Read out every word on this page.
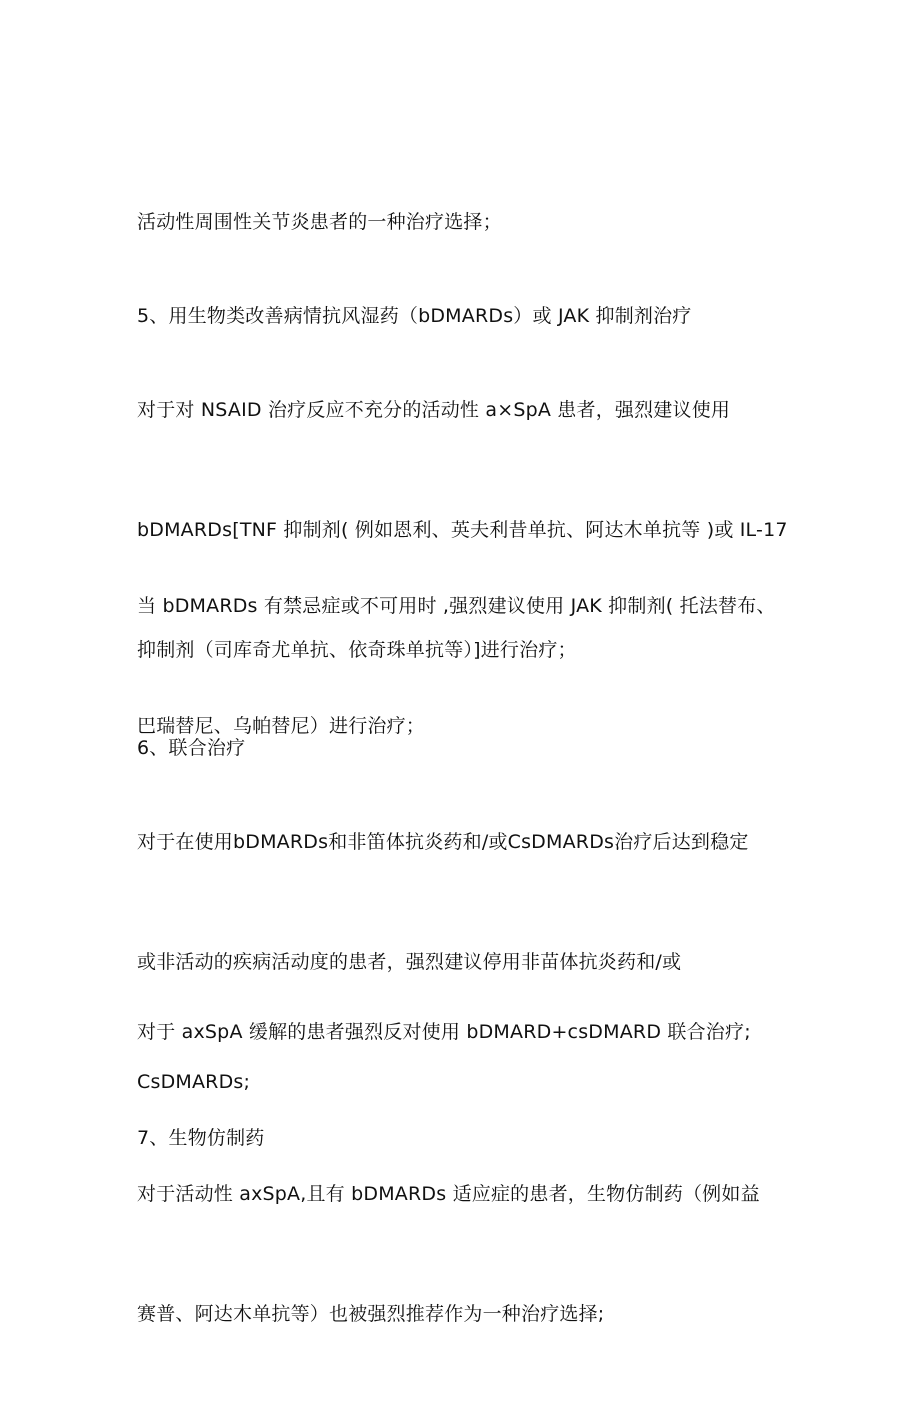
活动性周围性关节炎患者的一种治疗选择；

5、用生物类改善病情抗风湿药（bDMARDs）或 JAK 抑制剂治疗

对于对 NSAID 治疗反应不充分的活动性 a×SpA 患者，强烈建议使用

bDMARDs[TNF 抑制剂( 例如恩利、英夫利昔单抗、阿达木单抗等 )或 IL-17

抑制剂（司库奇尤单抗、依奇珠单抗等）]进行治疗；

当 bDMARDs 有禁忌症或不可用时 ,强烈建议使用 JAK 抑制剂( 托法替布、

巴瑞替尼、乌帕替尼）进行治疗；

6、联合治疗

对于在使用bDMARDs和非笛体抗炎药和/或CsDMARDs治疗后达到稳定

或非活动的疾病活动度的患者，强烈建议停用非苗体抗炎药和/或

CsDMARDs;

对于 axSpA 缓解的患者强烈反对使用 bDMARD+csDMARD 联合治疗;

7、生物仿制药

对于活动性 axSpA,且有 bDMARDs 适应症的患者，生物仿制药（例如益

赛普、阿达木单抗等）也被强烈推荐作为一种治疗选择;
